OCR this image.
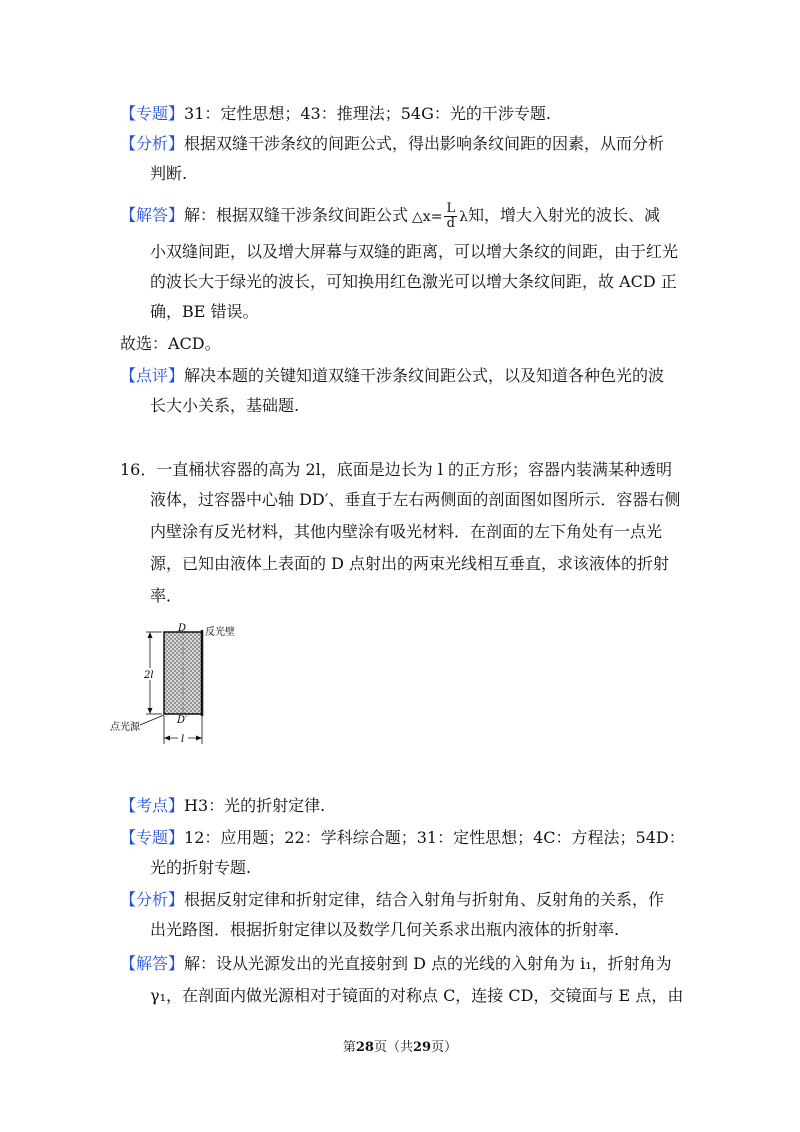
【专题】31：定性思想；43：推理法；54G：光的干涉专题.
【分析】根据双缝干涉条纹的间距公式，得出影响条纹间距的因素，从而分析
判断.
【解答】解：根据双缝干涉条纹间距公式 △x= $\frac{L}{d}$ λ知，增大入射光的波长、减
小双缝间距，以及增大屏幕与双缝的距离，可以增大条纹的间距，由于红光
的波长大于绿光的波长，可知换用红色激光可以增大条纹间距，故 ACD 正
确，BE 错误。
故选：ACD。
【点评】解决本题的关键知道双缝干涉条纹间距公式，以及知道各种色光的波
长大小关系，基础题.
16．一直桶状容器的高为 2l，底面是边长为 l 的正方形；容器内装满某种透明
液体，过容器中心轴 DD′、垂直于左右两侧面的剖面图如图所示．容器右侧
内壁涂有反光材料，其他内壁涂有吸光材料．在剖面的左下角处有一点光
源，已知由液体上表面的 D 点射出的两束光线相互垂直，求该液体的折射
率．
D
D′
反光壁
2l
点光源
l
【考点】H3：光的折射定律.
【专题】12：应用题；22：学科综合题；31：定性思想；4C：方程法；54D：
光的折射专题.
【分析】根据反射定律和折射定律，结合入射角与折射角、反射角的关系，作
出光路图．根据折射定律以及数学几何关系求出瓶内液体的折射率.
【解答】解：设从光源发出的光直接射到 D 点的光线的入射角为 i₁，折射角为
γ₁，在剖面内做光源相对于镜面的对称点 C，连接 CD，交镜面与 E 点，由
第28页（共29页）
